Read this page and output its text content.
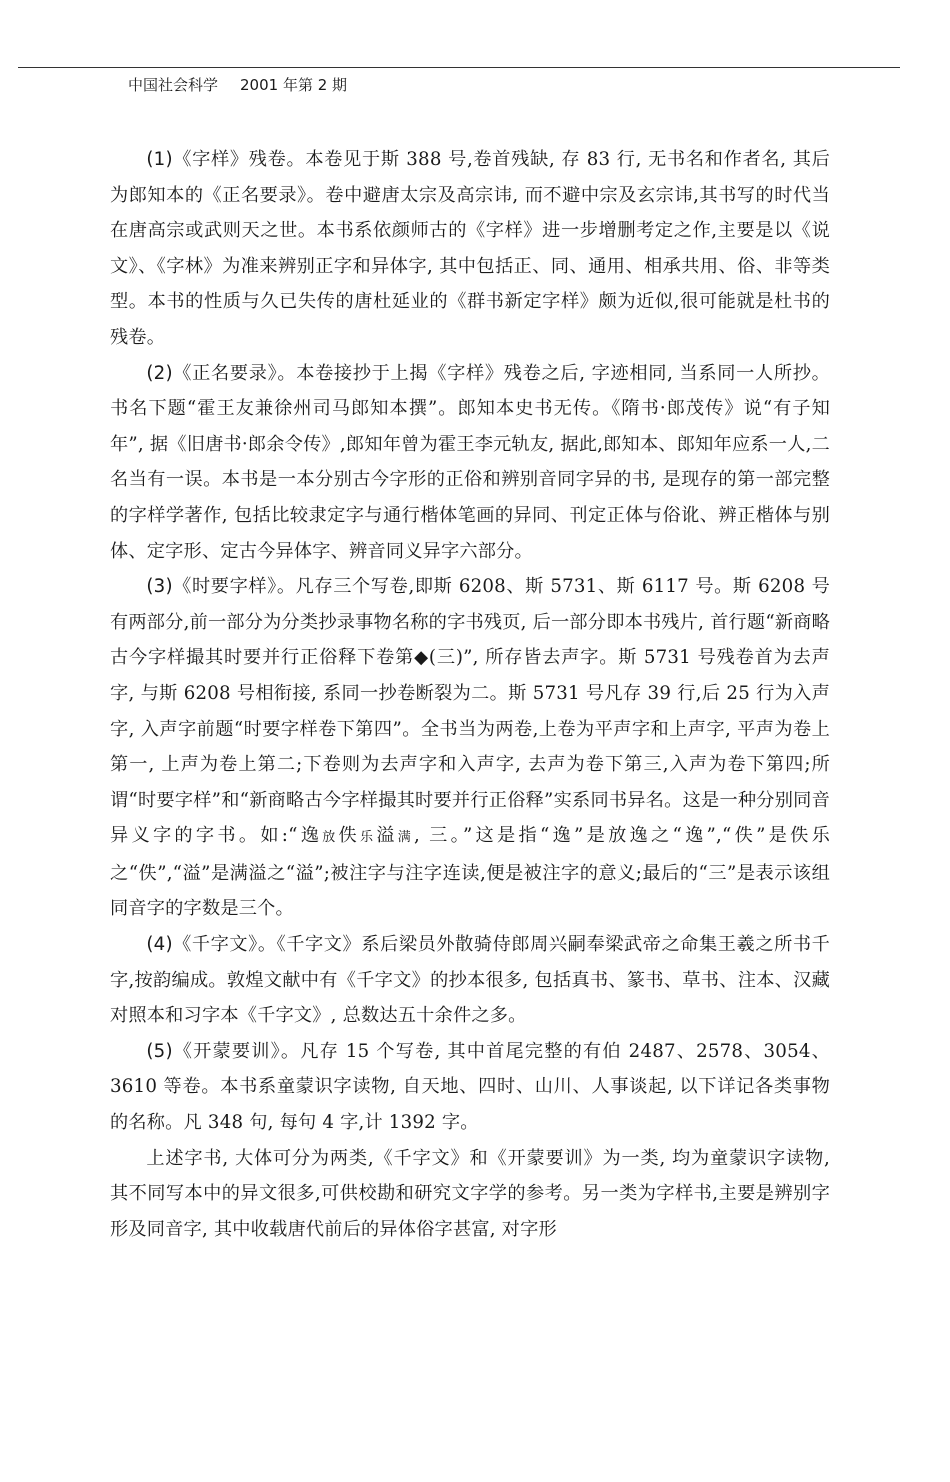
中国社会科学 2001 年第 2 期

(1)《字样》残卷。本卷见于斯 388 号,卷首残缺, 存 83 行, 无书名和作者名, 其后为郎知本的《正名要录》。卷中避唐太宗及高宗讳, 而不避中宗及玄宗讳,其书写的时代当在唐高宗或武则天之世。本书系依颜师古的《字样》进一步增删考定之作,主要是以《说文》、《字林》为准来辨别正字和异体字, 其中包括正、同、通用、相承共用、俗、非等类型。本书的性质与久已失传的唐杜延业的《群书新定字样》颇为近似,很可能就是杜书的残卷。

(2)《正名要录》。本卷接抄于上揭《字样》残卷之后, 字迹相同, 当系同一人所抄。书名下题“霍王友兼徐州司马郎知本撰”。郎知本史书无传。《隋书·郎茂传》说“有子知年”, 据《旧唐书·郎余令传》,郎知年曾为霍王李元轨友, 据此,郎知本、郎知年应系一人,二名当有一误。本书是一本分别古今字形的正俗和辨别音同字异的书, 是现存的第一部完整的字样学著作, 包括比较隶定字与通行楷体笔画的异同、刊定正体与俗讹、辨正楷体与别体、定字形、定古今异体字、辨音同义异字六部分。

(3)《时要字样》。凡存三个写卷,即斯 6208、斯 5731、斯 6117 号。斯 6208 号有两部分,前一部分为分类抄录事物名称的字书残页, 后一部分即本书残片, 首行题“新商略古今字样撮其时要并行正俗释下卷第◆(三)”, 所存皆去声字。斯 5731 号残卷首为去声字, 与斯 6208 号相衔接, 系同一抄卷断裂为二。斯 5731 号凡存 39 行,后 25 行为入声字, 入声字前题“时要字样卷下第四”。全书当为两卷,上卷为平声字和上声字, 平声为卷上第一, 上声为卷上第二;下卷则为去声字和入声字, 去声为卷下第三,入声为卷下第四;所谓“时要字样”和“新商略古今字样撮其时要并行正俗释”实系同书异名。这是一种分别同音异义字的字书。如:“逸放佚乐溢满, 三。”这是指“逸”是放逸之“逸”,“佚”是佚乐之“佚”,“溢”是满溢之“溢”;被注字与注字连读,便是被注字的意义;最后的“三”是表示该组同音字的字数是三个。

(4)《千字文》。《千字文》系后梁员外散骑侍郎周兴嗣奉梁武帝之命集王羲之所书千字,按韵编成。敦煌文献中有《千字文》的抄本很多, 包括真书、篆书、草书、注本、汉藏对照本和习字本《千字文》, 总数达五十余件之多。

(5)《开蒙要训》。凡存 15 个写卷, 其中首尾完整的有伯 2487、2578、3054、3610 等卷。本书系童蒙识字读物, 自天地、四时、山川、人事谈起, 以下详记各类事物的名称。凡 348 句, 每句 4 字,计 1392 字。

上述字书, 大体可分为两类,《千字文》和《开蒙要训》为一类, 均为童蒙识字读物, 其不同写本中的异文很多,可供校勘和研究文字学的参考。另一类为字样书,主要是辨别字形及同音字, 其中收载唐代前后的异体俗字甚富, 对字形
